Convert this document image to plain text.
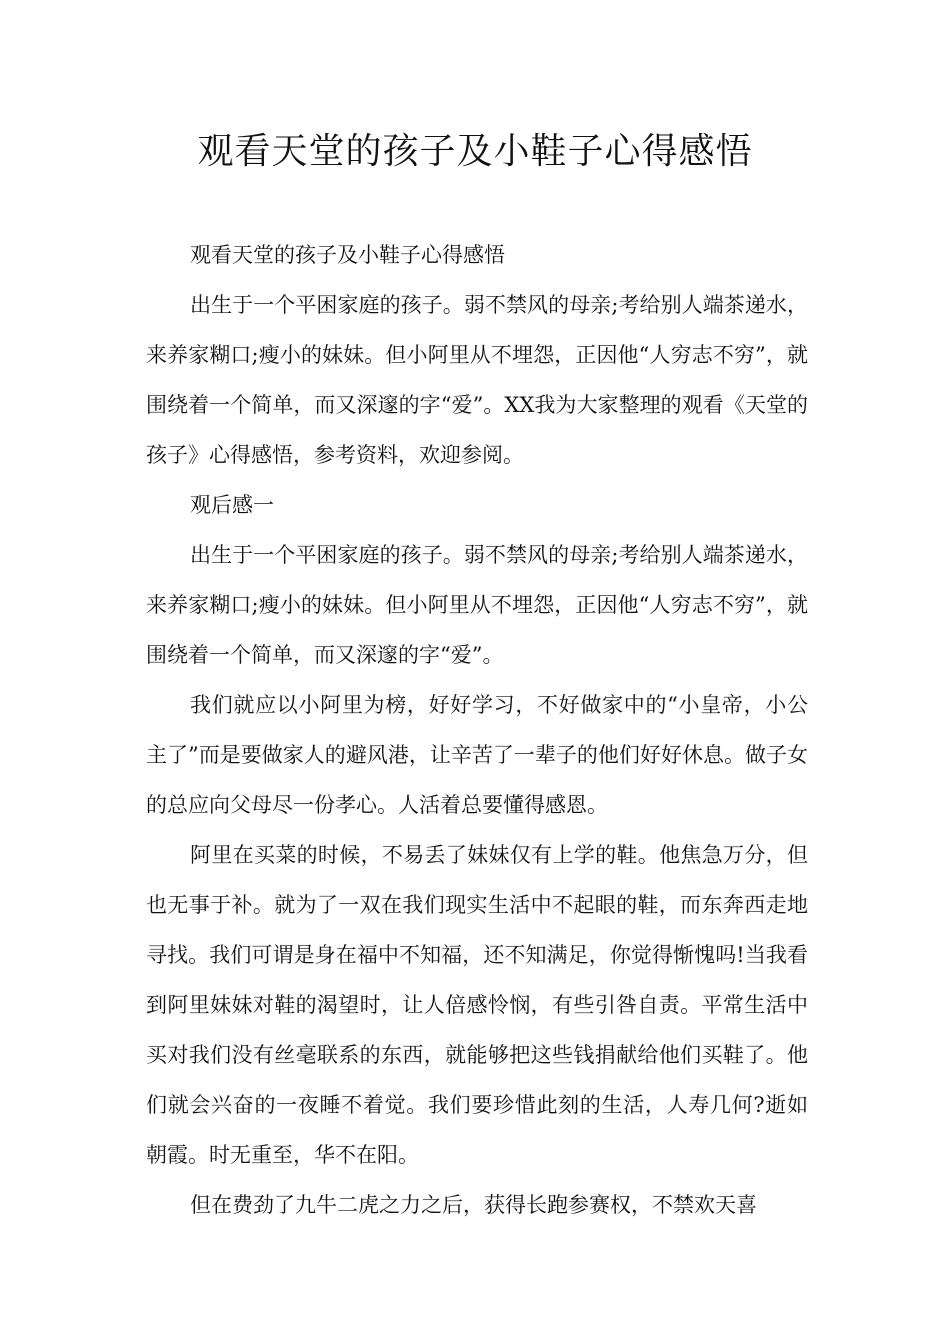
观看天堂的孩子及小鞋子心得感悟

观看天堂的孩子及小鞋子心得感悟

出生于一个平困家庭的孩子。弱不禁风的母亲;考给别人端茶递水，来养家糊口;瘦小的妹妹。但小阿里从不埋怨，正因他“人穷志不穷”，就围绕着一个简单，而又深邃的字“爱”。XX我为大家整理的观看《天堂的孩子》心得感悟，参考资料，欢迎参阅。

观后感一

出生于一个平困家庭的孩子。弱不禁风的母亲;考给别人端茶递水，来养家糊口;瘦小的妹妹。但小阿里从不埋怨，正因他“人穷志不穷”，就围绕着一个简单，而又深邃的字“爱”。

我们就应以小阿里为榜，好好学习，不好做家中的“小皇帝，小公主了”而是要做家人的避风港，让辛苦了一辈子的他们好好休息。做子女的总应向父母尽一份孝心。人活着总要懂得感恩。

阿里在买菜的时候，不易丢了妹妹仅有上学的鞋。他焦急万分，但也无事于补。就为了一双在我们现实生活中不起眼的鞋，而东奔西走地寻找。我们可谓是身在福中不知福，还不知满足，你觉得惭愧吗!当我看到阿里妹妹对鞋的渴望时，让人倍感怜悯，有些引咎自责。平常生活中买对我们没有丝毫联系的东西，就能够把这些钱捐献给他们买鞋了。他们就会兴奋的一夜睡不着觉。我们要珍惜此刻的生活，人寿几何?逝如朝霞。时无重至，华不在阳。

但在费劲了九牛二虎之力之后，获得长跑参赛权，不禁欢天喜
